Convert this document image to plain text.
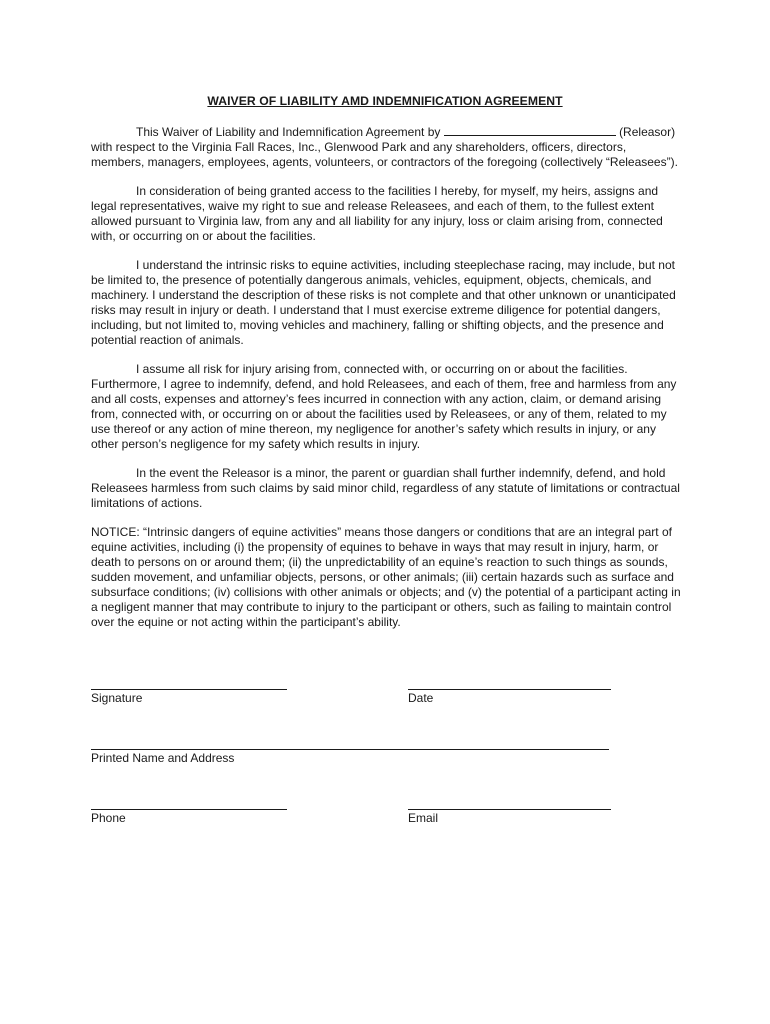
WAIVER OF LIABILITY AMD INDEMNIFICATION AGREEMENT

This Waiver of Liability and Indemnification Agreement by	(Releasor) with respect to the Virginia Fall Races, Inc., Glenwood Park and any shareholders, officers, directors, members, managers, employees, agents, volunteers, or contractors of the foregoing (collectively “Releasees”).

In consideration of being granted access to the facilities I hereby, for myself, my heirs, assigns and legal representatives, waive my right to sue and release Releasees, and each of them, to the fullest extent allowed pursuant to Virginia law, from any and all liability for any injury, loss or claim arising from, connected with, or occurring on or about the facilities.

I understand the intrinsic risks to equine activities, including steeplechase racing, may include, but not be limited to, the presence of potentially dangerous animals, vehicles, equipment, objects, chemicals, and machinery. I understand the description of these risks is not complete and that other unknown or unanticipated risks may result in injury or death. I understand that I must exercise extreme diligence for potential dangers, including, but not limited to, moving vehicles and machinery, falling or shifting objects, and the presence and potential reaction of animals.

I assume all risk for injury arising from, connected with, or occurring on or about the facilities. Furthermore, I agree to indemnify, defend, and hold Releasees, and each of them, free and harmless from any and all costs, expenses and attorney’s fees incurred in connection with any action, claim, or demand arising from, connected with, or occurring on or about the facilities used by Releasees, or any of them, related to my use thereof or any action of mine thereon, my negligence for another’s safety which results in injury, or any other person’s negligence for my safety which results in injury.

In the event the Releasor is a minor, the parent or guardian shall further indemnify, defend, and hold Releasees harmless from such claims by said minor child, regardless of any statute of limitations or contractual limitations of actions.

NOTICE: “Intrinsic dangers of equine activities” means those dangers or conditions that are an integral part of equine activities, including (i) the propensity of equines to behave in ways that may result in injury, harm, or death to persons on or around them; (ii) the unpredictability of an equine’s reaction to such things as sounds, sudden movement, and unfamiliar objects, persons, or other animals; (iii) certain hazards such as surface and subsurface conditions; (iv) collisions with other animals or objects; and (v) the potential of a participant acting in a negligent manner that may contribute to injury to the participant or others, such as failing to maintain control over the equine or not acting within the participant’s ability.

Signature	Date
Printed Name and Address
Phone	Email
